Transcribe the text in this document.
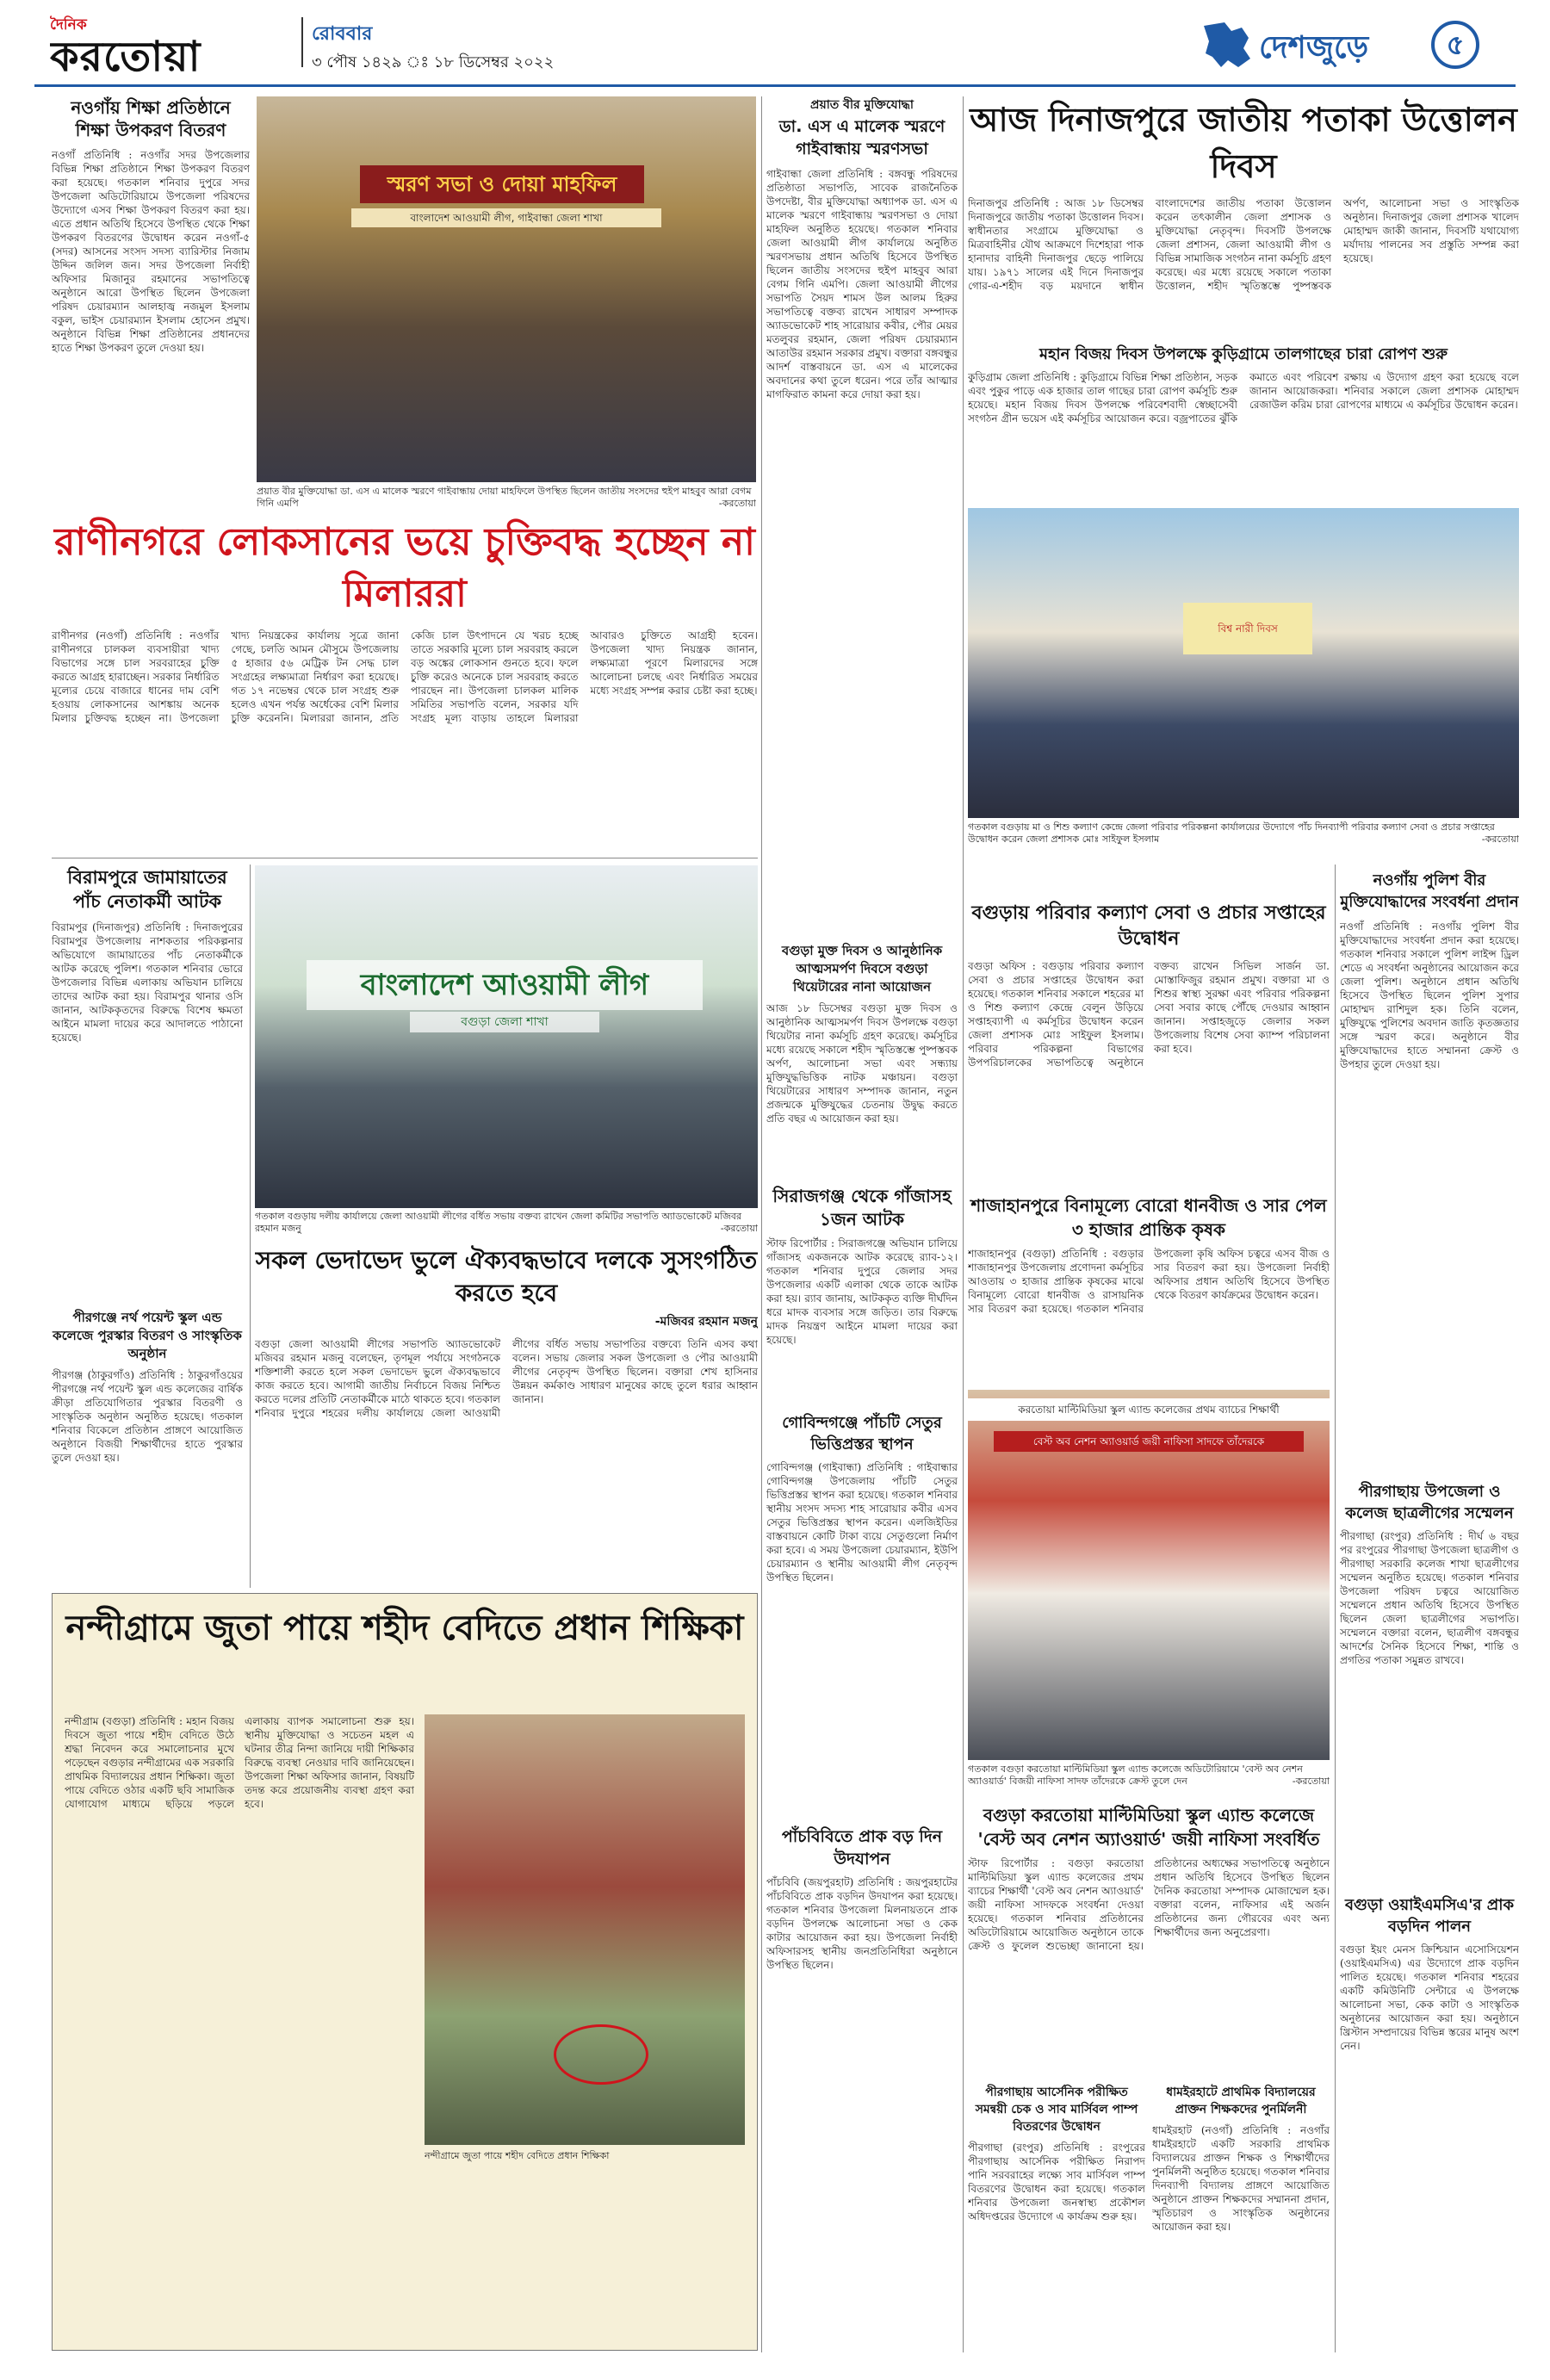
দৈনিক
করতোয়া	রোববার
৩ পৌষ ১৪২৯ ঃ ১৮ ডিসেম্বর ২০২২	দেশজুড়ে	৫
নওগাঁয় শিক্ষা প্রতিষ্ঠানে শিক্ষা উপকরণ বিতরণ
নওগাঁ প্রতিনিধি : নওগাঁর সদর উপজেলার বিভিন্ন শিক্ষা প্রতিষ্ঠানে শিক্ষা উপকরণ বিতরণ করা হয়েছে। গতকাল শনিবার দুপুরে সদর উপজেলা অডিটোরিয়ামে উপজেলা পরিষদের উদ্যোগে এসব শিক্ষা উপকরণ বিতরণ করা হয়। এতে প্রধান অতিথি হিসেবে উপস্থিত থেকে শিক্ষা উপকরণ বিতরণের উদ্বোধন করেন নওগাঁ-৫ (সদর) আসনের সংসদ সদস্য ব্যারিস্টার নিজাম উদ্দিন জলিল জন। সদর উপজেলা নির্বাহী অফিসার মিজানুর রহমানের সভাপতিত্বে অনুষ্ঠানে আরো উপস্থিত ছিলেন উপজেলা পরিষদ চেয়ারম্যান আলহাজ্ব নজমুল ইসলাম বকুল, ভাইস চেয়ারম্যান ইসলাম হোসেন প্রমুখ। অনুষ্ঠানে বিভিন্ন শিক্ষা প্রতিষ্ঠানের প্রধানদের হাতে শিক্ষা উপকরণ তুলে দেওয়া হয়।
স্মরণ সভা ও দোয়া মাহফিল
বাংলাদেশ আওয়ামী লীগ, গাইবান্ধা জেলা শাখা
প্রয়াত বীর মুক্তিযোদ্ধা ডা. এস এ মালেক স্মরণে গাইবান্ধায় দোয়া মাহফিলে উপস্থিত ছিলেন জাতীয় সংসদের হুইপ মাহবুব আরা বেগম গিনি এমপি	-করতোয়া
প্রয়াত বীর মুক্তিযোদ্ধা
ডা. এস এ মালেক স্মরণে গাইবান্ধায় স্মরণসভা
গাইবান্ধা জেলা প্রতিনিধি : বঙ্গবন্ধু পরিষদের প্রতিষ্ঠাতা সভাপতি, সাবেক রাজনৈতিক উপদেষ্টা, বীর মুক্তিযোদ্ধা অধ্যাপক ডা. এস এ মালেক স্মরণে গাইবান্ধায় স্মরণসভা ও দোয়া মাহফিল অনুষ্ঠিত হয়েছে। গতকাল শনিবার জেলা আওয়ামী লীগ কার্যালয়ে অনুষ্ঠিত স্মরণসভায় প্রধান অতিথি হিসেবে উপস্থিত ছিলেন জাতীয় সংসদের হুইপ মাহবুব আরা বেগম গিনি এমপি। জেলা আওয়ামী লীগের সভাপতি সৈয়দ শামস উল আলম হিরুর সভাপতিত্বে বক্তব্য রাখেন সাধারণ সম্পাদক অ্যাডভোকেট শাহ সারোয়ার কবীর, পৌর মেয়র মতলুবর রহমান, জেলা পরিষদ চেয়ারম্যান আতাউর রহমান সরকার প্রমুখ। বক্তারা বঙ্গবন্ধুর আদর্শ বাস্তবায়নে ডা. এস এ মালেকের অবদানের কথা তুলে ধরেন। পরে তাঁর আত্মার মাগফিরাত কামনা করে দোয়া করা হয়।
আজ দিনাজপুরে জাতীয় পতাকা উত্তোলন দিবস
দিনাজপুর প্রতিনিধি : আজ ১৮ ডিসেম্বর দিনাজপুরে জাতীয় পতাকা উত্তোলন দিবস। স্বাধীনতার সংগ্রামে মুক্তিযোদ্ধা ও মিত্রবাহিনীর যৌথ আক্রমণে দিশেহারা পাক হানাদার বাহিনী দিনাজপুর ছেড়ে পালিয়ে যায়। ১৯৭১ সালের এই দিনে দিনাজপুর গোর-এ-শহীদ বড় ময়দানে স্বাধীন বাংলাদেশের জাতীয় পতাকা উত্তোলন করেন তৎকালীন জেলা প্রশাসক ও মুক্তিযোদ্ধা নেতৃবৃন্দ। দিবসটি উপলক্ষে জেলা প্রশাসন, জেলা আওয়ামী লীগ ও বিভিন্ন সামাজিক সংগঠন নানা কর্মসূচি গ্রহণ করেছে। এর মধ্যে রয়েছে সকালে পতাকা উত্তোলন, শহীদ স্মৃতিস্তম্ভে পুষ্পস্তবক অর্পণ, আলোচনা সভা ও সাংস্কৃতিক অনুষ্ঠান। দিনাজপুর জেলা প্রশাসক খালেদ মোহাম্মদ জাকী জানান, দিবসটি যথাযোগ্য মর্যাদায় পালনের সব প্রস্তুতি সম্পন্ন করা হয়েছে।
মহান বিজয় দিবস উপলক্ষে কুড়িগ্রামে তালগাছের চারা রোপণ শুরু
কুড়িগ্রাম জেলা প্রতিনিধি : কুড়িগ্রামে বিভিন্ন শিক্ষা প্রতিষ্ঠান, সড়ক এবং পুকুর পাড়ে এক হাজার তাল গাছের চারা রোপণ কর্মসূচি শুরু হয়েছে। মহান বিজয় দিবস উপলক্ষে পরিবেশবাদী স্বেচ্ছাসেবী সংগঠন গ্রীন ভয়েস এই কর্মসূচির আয়োজন করে। বজ্রপাতের ঝুঁকি কমাতে এবং পরিবেশ রক্ষায় এ উদ্যোগ গ্রহণ করা হয়েছে বলে জানান আয়োজকরা। শনিবার সকালে জেলা প্রশাসক মোহাম্মদ রেজাউল করিম চারা রোপণের মাধ্যমে এ কর্মসূচির উদ্বোধন করেন।
রাণীনগরে লোকসানের ভয়ে চুক্তিবদ্ধ হচ্ছেন না মিলাররা
রাণীনগর (নওগাঁ) প্রতিনিধি : নওগাঁর রাণীনগরে চালকল ব্যবসায়ীরা খাদ্য বিভাগের সঙ্গে চাল সরবরাহের চুক্তি করতে আগ্রহ হারাচ্ছেন। সরকার নির্ধারিত মূল্যের চেয়ে বাজারে ধানের দাম বেশি হওয়ায় লোকসানের আশঙ্কায় অনেক মিলার চুক্তিবদ্ধ হচ্ছেন না। উপজেলা খাদ্য নিয়ন্ত্রকের কার্যালয় সূত্রে জানা গেছে, চলতি আমন মৌসুমে উপজেলায় ৫ হাজার ৫৬ মেট্রিক টন সেদ্ধ চাল সংগ্রহের লক্ষ্যমাত্রা নির্ধারণ করা হয়েছে। গত ১৭ নভেম্বর থেকে চাল সংগ্রহ শুরু হলেও এখন পর্যন্ত অর্ধেকের বেশি মিলার চুক্তি করেননি। মিলাররা জানান, প্রতি কেজি চাল উৎপাদনে যে খরচ হচ্ছে তাতে সরকারি মূল্যে চাল সরবরাহ করলে বড় অঙ্কের লোকসান গুনতে হবে। ফলে চুক্তি করেও অনেকে চাল সরবরাহ করতে পারছেন না। উপজেলা চালকল মালিক সমিতির সভাপতি বলেন, সরকার যদি সংগ্রহ মূল্য বাড়ায় তাহলে মিলাররা আবারও চুক্তিতে আগ্রহী হবেন। উপজেলা খাদ্য নিয়ন্ত্রক জানান, লক্ষ্যমাত্রা পূরণে মিলারদের সঙ্গে আলোচনা চলছে এবং নির্ধারিত সময়ের মধ্যে সংগ্রহ সম্পন্ন করার চেষ্টা করা হচ্ছে।
বিশ্ব নারী দিবস
গতকাল বগুড়ায় মা ও শিশু কল্যাণ কেন্দ্রে জেলা পরিবার পরিকল্পনা কার্যালয়ের উদ্যোগে পাঁচ দিনব্যাপী পরিবার কল্যাণ সেবা ও প্রচার সপ্তাহের উদ্বোধন করেন জেলা প্রশাসক মোঃ সাইফুল ইসলাম	-করতোয়া
বগুড়া মুক্ত দিবস ও আনুষ্ঠানিক আত্মসমর্পণ দিবসে বগুড়া থিয়েটারের নানা আয়োজন
আজ ১৮ ডিসেম্বর বগুড়া মুক্ত দিবস ও আনুষ্ঠানিক আত্মসমর্পণ দিবস উপলক্ষে বগুড়া থিয়েটার নানা কর্মসূচি গ্রহণ করেছে। কর্মসূচির মধ্যে রয়েছে সকালে শহীদ স্মৃতিস্তম্ভে পুষ্পস্তবক অর্পণ, আলোচনা সভা এবং সন্ধ্যায় মুক্তিযুদ্ধভিত্তিক নাটক মঞ্চায়ন। বগুড়া থিয়েটারের সাধারণ সম্পাদক জানান, নতুন প্রজন্মকে মুক্তিযুদ্ধের চেতনায় উদ্বুদ্ধ করতে প্রতি বছর এ আয়োজন করা হয়।
বিরামপুরে জামায়াতের পাঁচ নেতাকর্মী আটক
বিরামপুর (দিনাজপুর) প্রতিনিধি : দিনাজপুরের বিরামপুর উপজেলায় নাশকতার পরিকল্পনার অভিযোগে জামায়াতের পাঁচ নেতাকর্মীকে আটক করেছে পুলিশ। গতকাল শনিবার ভোরে উপজেলার বিভিন্ন এলাকায় অভিযান চালিয়ে তাদের আটক করা হয়। বিরামপুর থানার ওসি জানান, আটককৃতদের বিরুদ্ধে বিশেষ ক্ষমতা আইনে মামলা দায়ের করে আদালতে পাঠানো হয়েছে।
বাংলাদেশ আওয়ামী লীগ
বগুড়া জেলা শাখা
গতকাল বগুড়ায় দলীয় কার্যালয়ে জেলা আওয়ামী লীগের বর্ধিত সভায় বক্তব্য রাখেন জেলা কমিটির সভাপতি অ্যাডভোকেট মজিবর রহমান মজনু	-করতোয়া
বগুড়ায় পরিবার কল্যাণ সেবা ও প্রচার সপ্তাহের উদ্বোধন
বগুড়া অফিস : বগুড়ায় পরিবার কল্যাণ সেবা ও প্রচার সপ্তাহের উদ্বোধন করা হয়েছে। গতকাল শনিবার সকালে শহরের মা ও শিশু কল্যাণ কেন্দ্রে বেলুন উড়িয়ে সপ্তাহব্যাপী এ কর্মসূচির উদ্বোধন করেন জেলা প্রশাসক মোঃ সাইফুল ইসলাম। পরিবার পরিকল্পনা বিভাগের উপপরিচালকের সভাপতিত্বে অনুষ্ঠানে বক্তব্য রাখেন সিভিল সার্জন ডা. মোস্তাফিজুর রহমান প্রমুখ। বক্তারা মা ও শিশুর স্বাস্থ্য সুরক্ষা এবং পরিবার পরিকল্পনা সেবা সবার কাছে পৌঁছে দেওয়ার আহ্বান জানান। সপ্তাহজুড়ে জেলার সকল উপজেলায় বিশেষ সেবা ক্যাম্প পরিচালনা করা হবে।
নওগাঁয় পুলিশ বীর মুক্তিযোদ্ধাদের সংবর্ধনা প্রদান
নওগাঁ প্রতিনিধি : নওগাঁয় পুলিশ বীর মুক্তিযোদ্ধাদের সংবর্ধনা প্রদান করা হয়েছে। গতকাল শনিবার সকালে পুলিশ লাইন্স ড্রিল শেডে এ সংবর্ধনা অনুষ্ঠানের আয়োজন করে জেলা পুলিশ। অনুষ্ঠানে প্রধান অতিথি হিসেবে উপস্থিত ছিলেন পুলিশ সুপার মোহাম্মদ রাশিদুল হক। তিনি বলেন, মুক্তিযুদ্ধে পুলিশের অবদান জাতি কৃতজ্ঞতার সঙ্গে স্মরণ করে। অনুষ্ঠানে বীর মুক্তিযোদ্ধাদের হাতে সম্মাননা ক্রেস্ট ও উপহার তুলে দেওয়া হয়।
সিরাজগঞ্জ থেকে গাঁজাসহ ১জন আটক
স্টাফ রিপোর্টার : সিরাজগঞ্জে অভিযান চালিয়ে গাঁজাসহ একজনকে আটক করেছে র‍্যাব-১২। গতকাল শনিবার দুপুরে জেলার সদর উপজেলার একটি এলাকা থেকে তাকে আটক করা হয়। র‍্যাব জানায়, আটককৃত ব্যক্তি দীর্ঘদিন ধরে মাদক ব্যবসার সঙ্গে জড়িত। তার বিরুদ্ধে মাদক নিয়ন্ত্রণ আইনে মামলা দায়ের করা হয়েছে।
শাজাহানপুরে বিনামূল্যে বোরো ধানবীজ ও সার পেল ৩ হাজার প্রান্তিক কৃষক
শাজাহানপুর (বগুড়া) প্রতিনিধি : বগুড়ার শাজাহানপুর উপজেলায় প্রণোদনা কর্মসূচির আওতায় ৩ হাজার প্রান্তিক কৃষকের মাঝে বিনামূল্যে বোরো ধানবীজ ও রাসায়নিক সার বিতরণ করা হয়েছে। গতকাল শনিবার উপজেলা কৃষি অফিস চত্বরে এসব বীজ ও সার বিতরণ করা হয়। উপজেলা নির্বাহী অফিসার প্রধান অতিথি হিসেবে উপস্থিত থেকে বিতরণ কার্যক্রমের উদ্বোধন করেন।
সকল ভেদাভেদ ভুলে ঐক্যবদ্ধভাবে দলকে সুসংগঠিত করতে হবে
-মজিবর রহমান মজনু
বগুড়া জেলা আওয়ামী লীগের সভাপতি অ্যাডভোকেট মজিবর রহমান মজনু বলেছেন, তৃণমূল পর্যায়ে সংগঠনকে শক্তিশালী করতে হলে সকল ভেদাভেদ ভুলে ঐক্যবদ্ধভাবে কাজ করতে হবে। আগামী জাতীয় নির্বাচনে বিজয় নিশ্চিত করতে দলের প্রতিটি নেতাকর্মীকে মাঠে থাকতে হবে। গতকাল শনিবার দুপুরে শহরের দলীয় কার্যালয়ে জেলা আওয়ামী লীগের বর্ধিত সভায় সভাপতির বক্তব্যে তিনি এসব কথা বলেন। সভায় জেলার সকল উপজেলা ও পৌর আওয়ামী লীগের নেতৃবৃন্দ উপস্থিত ছিলেন। বক্তারা শেখ হাসিনার উন্নয়ন কর্মকাণ্ড সাধারণ মানুষের কাছে তুলে ধরার আহ্বান জানান।
পীরগঞ্জে নর্থ পয়েন্ট স্কুল এন্ড কলেজে পুরস্কার বিতরণ ও সাংস্কৃতিক অনুষ্ঠান
পীরগঞ্জ (ঠাকুরগাঁও) প্রতিনিধি : ঠাকুরগাঁওয়ের পীরগঞ্জে নর্থ পয়েন্ট স্কুল এন্ড কলেজের বার্ষিক ক্রীড়া প্রতিযোগিতার পুরস্কার বিতরণী ও সাংস্কৃতিক অনুষ্ঠান অনুষ্ঠিত হয়েছে। গতকাল শনিবার বিকেলে প্রতিষ্ঠান প্রাঙ্গণে আয়োজিত অনুষ্ঠানে বিজয়ী শিক্ষার্থীদের হাতে পুরস্কার তুলে দেওয়া হয়।
গোবিন্দগঞ্জে পাঁচটি সেতুর ভিত্তিপ্রস্তর স্থাপন
গোবিন্দগঞ্জ (গাইবান্ধা) প্রতিনিধি : গাইবান্ধার গোবিন্দগঞ্জ উপজেলায় পাঁচটি সেতুর ভিত্তিপ্রস্তর স্থাপন করা হয়েছে। গতকাল শনিবার স্থানীয় সংসদ সদস্য শাহ সারোয়ার কবীর এসব সেতুর ভিত্তিপ্রস্তর স্থাপন করেন। এলজিইডির বাস্তবায়নে কোটি টাকা ব্যয়ে সেতুগুলো নির্মাণ করা হবে। এ সময় উপজেলা চেয়ারম্যান, ইউপি চেয়ারম্যান ও স্থানীয় আওয়ামী লীগ নেতৃবৃন্দ উপস্থিত ছিলেন।
করতোয়া মাল্টিমিডিয়া স্কুল এ্যান্ড কলেজের প্রথম ব্যাচের শিক্ষার্থী
বেস্ট অব নেশন অ্যাওয়ার্ড জয়ী নাফিসা সাদফে তাঁদেরকে
গতকাল বগুড়া করতোয়া মাল্টিমিডিয়া স্কুল এ্যান্ড কলেজে অডিটোরিয়ামে 'বেস্ট অব নেশন অ্যাওয়ার্ড' বিজয়ী নাফিসা সাদফ তাঁদেরকে ক্রেস্ট তুলে দেন	-করতোয়া
পীরগাছায় উপজেলা ও কলেজ ছাত্রলীগের সম্মেলন
পীরগাছা (রংপুর) প্রতিনিধি : দীর্ঘ ৬ বছর পর রংপুরের পীরগাছা উপজেলা ছাত্রলীগ ও পীরগাছা সরকারি কলেজ শাখা ছাত্রলীগের সম্মেলন অনুষ্ঠিত হয়েছে। গতকাল শনিবার উপজেলা পরিষদ চত্বরে আয়োজিত সম্মেলনে প্রধান অতিথি হিসেবে উপস্থিত ছিলেন জেলা ছাত্রলীগের সভাপতি। সম্মেলনে বক্তারা বলেন, ছাত্রলীগ বঙ্গবন্ধুর আদর্শের সৈনিক হিসেবে শিক্ষা, শান্তি ও প্রগতির পতাকা সমুন্নত রাখবে।
নন্দীগ্রামে জুতা পায়ে শহীদ বেদিতে প্রধান শিক্ষিকা
নন্দীগ্রাম (বগুড়া) প্রতিনিধি : মহান বিজয় দিবসে জুতা পায়ে শহীদ বেদিতে উঠে শ্রদ্ধা নিবেদন করে সমালোচনার মুখে পড়েছেন বগুড়ার নন্দীগ্রামের এক সরকারি প্রাথমিক বিদ্যালয়ের প্রধান শিক্ষিকা। জুতা পায়ে বেদিতে ওঠার একটি ছবি সামাজিক যোগাযোগ মাধ্যমে ছড়িয়ে পড়লে এলাকায় ব্যাপক সমালোচনা শুরু হয়। স্থানীয় মুক্তিযোদ্ধা ও সচেতন মহল এ ঘটনার তীব্র নিন্দা জানিয়ে দায়ী শিক্ষিকার বিরুদ্ধে ব্যবস্থা নেওয়ার দাবি জানিয়েছেন। উপজেলা শিক্ষা অফিসার জানান, বিষয়টি তদন্ত করে প্রয়োজনীয় ব্যবস্থা গ্রহণ করা হবে।
নন্দীগ্রামে জুতা পায়ে শহীদ বেদিতে প্রধান শিক্ষিকা
বগুড়া ওয়াইএমসিএ'র প্রাক বড়দিন পালন
বগুড়া ইয়ং মেনস ক্রিশ্চিয়ান এসোসিয়েশন (ওয়াইএমসিএ) এর উদ্যোগে প্রাক বড়দিন পালিত হয়েছে। গতকাল শনিবার শহরের একটি কমিউনিটি সেন্টারে এ উপলক্ষে আলোচনা সভা, কেক কাটা ও সাংস্কৃতিক অনুষ্ঠানের আয়োজন করা হয়। অনুষ্ঠানে খ্রিস্টান সম্প্রদায়ের বিভিন্ন স্তরের মানুষ অংশ নেন।
পাঁচবিবিতে প্রাক বড় দিন উদযাপন
পাঁচবিবি (জয়পুরহাট) প্রতিনিধি : জয়পুরহাটের পাঁচবিবিতে প্রাক বড়দিন উদযাপন করা হয়েছে। গতকাল শনিবার উপজেলা মিলনায়তনে প্রাক বড়দিন উপলক্ষে আলোচনা সভা ও কেক কাটার আয়োজন করা হয়। উপজেলা নির্বাহী অফিসারসহ স্থানীয় জনপ্রতিনিধিরা অনুষ্ঠানে উপস্থিত ছিলেন।
বগুড়া করতোয়া মাল্টিমিডিয়া স্কুল এ্যান্ড কলেজে 'বেস্ট অব নেশন অ্যাওয়ার্ড' জয়ী নাফিসা সংবর্ধিত
স্টাফ রিপোর্টার : বগুড়া করতোয়া মাল্টিমিডিয়া স্কুল এ্যান্ড কলেজের প্রথম ব্যাচের শিক্ষার্থী 'বেস্ট অব নেশন অ্যাওয়ার্ড' জয়ী নাফিসা সাদফকে সংবর্ধনা দেওয়া হয়েছে। গতকাল শনিবার প্রতিষ্ঠানের অডিটোরিয়ামে আয়োজিত অনুষ্ঠানে তাকে ক্রেস্ট ও ফুলেল শুভেচ্ছা জানানো হয়। প্রতিষ্ঠানের অধ্যক্ষের সভাপতিত্বে অনুষ্ঠানে প্রধান অতিথি হিসেবে উপস্থিত ছিলেন দৈনিক করতোয়া সম্পাদক মোজাম্মেল হক। বক্তারা বলেন, নাফিসার এই অর্জন প্রতিষ্ঠানের জন্য গৌরবের এবং অন্য শিক্ষার্থীদের জন্য অনুপ্রেরণা।
পীরগাছায় আর্সেনিক পরীক্ষিত সমন্বয়ী চেক ও সাব মার্সিবল পাম্প বিতরণের উদ্বোধন
পীরগাছা (রংপুর) প্রতিনিধি : রংপুরের পীরগাছায় আর্সেনিক পরীক্ষিত নিরাপদ পানি সরবরাহের লক্ষ্যে সাব মার্সিবল পাম্প বিতরণের উদ্বোধন করা হয়েছে। গতকাল শনিবার উপজেলা জনস্বাস্থ্য প্রকৌশল অধিদপ্তরের উদ্যোগে এ কার্যক্রম শুরু হয়।
ধামইরহাটে প্রাথমিক বিদ্যালয়ের প্রাক্তন শিক্ষকদের পুনর্মিলনী
ধামইরহাট (নওগাঁ) প্রতিনিধি : নওগাঁর ধামইরহাটে একটি সরকারি প্রাথমিক বিদ্যালয়ের প্রাক্তন শিক্ষক ও শিক্ষার্থীদের পুনর্মিলনী অনুষ্ঠিত হয়েছে। গতকাল শনিবার দিনব্যাপী বিদ্যালয় প্রাঙ্গণে আয়োজিত অনুষ্ঠানে প্রাক্তন শিক্ষকদের সম্মাননা প্রদান, স্মৃতিচারণ ও সাংস্কৃতিক অনুষ্ঠানের আয়োজন করা হয়।
